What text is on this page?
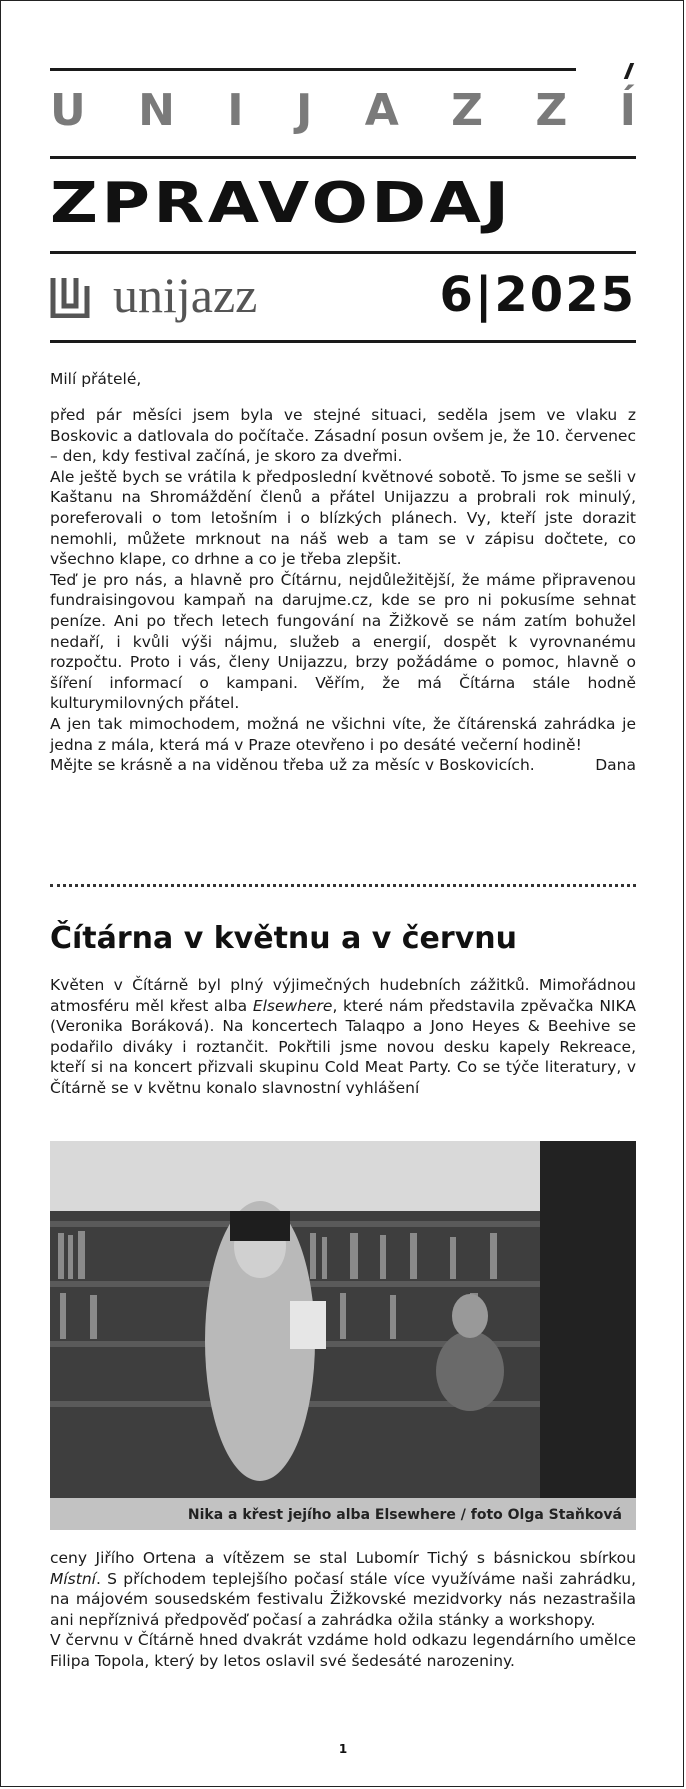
U N I J A Z Z Í
ZPRAVODAJ
unijazz	6|2025
Milí přátelé,

před pár měsíci jsem byla ve stejné situaci, seděla jsem ve vlaku z Boskovic a datlovala do počítače. Zásadní posun ovšem je, že 10. červenec – den, kdy festival začíná, je skoro za dveřmi.

Ale ještě bych se vrátila k předposlední květnové sobotě. To jsme se sešli v Kaštanu na Shromáždění členů a přátel Unijazzu a probrali rok minulý, poreferovali o tom letošním i o blízkých plánech. Vy, kteří jste dorazit nemohli, můžete mrknout na náš web a tam se v zápisu dočtete, co všechno klape, co drhne a co je třeba zlepšit.

Teď je pro nás, a hlavně pro Čítárnu, nejdůležitější, že máme připravenou fundraisingovou kampaň na darujme.cz, kde se pro ni pokusíme sehnat peníze. Ani po třech letech fungování na Žižkově se nám zatím bohužel nedaří, i kvůli výši nájmu, služeb a energií, dospět k vyrovnanému rozpočtu. Proto i vás, členy Unijazzu, brzy požádáme o pomoc, hlavně o šíření informací o kampani. Věřím, že má Čítárna stále hodně kulturymilovných přátel.

A jen tak mimochodem, možná ne všichni víte, že čítárenská zahrádka je jedna z mála, která má v Praze otevřeno i po desáté večerní hodině!

Mějte se krásně a na viděnou třeba už za měsíc v Boskovicích.	Dana

Čítárna v květnu a v červnu

Květen v Čítárně byl plný výjimečných hudebních zážitků. Mimořádnou atmosféru měl křest alba Elsewhere, které nám představila zpěvačka NIKA (Veronika Boráková). Na koncertech Talaqpo a Jono Heyes & Beehive se podařilo diváky i roztančit. Pokřtili jsme novou desku kapely Rekreace, kteří si na koncert přizvali skupinu Cold Meat Party. Co se týče literatury, v Čítárně se v květnu konalo slavnostní vyhlášení

Nika a křest jejího alba Elsewhere / foto Olga Staňková

ceny Jiřího Ortena a vítězem se stal Lubomír Tichý s básnickou sbírkou Místní. S příchodem teplejšího počasí stále více využíváme naši zahrádku, na májovém sousedském festivalu Žižkovské mezidvorky nás nezastrašila ani nepříznivá předpověď počasí a zahrádka ožila stánky a workshopy.

V červnu v Čítárně hned dvakrát vzdáme hold odkazu legendárního umělce Filipa Topola, který by letos oslavil své šedesáté narozeniny.

1
